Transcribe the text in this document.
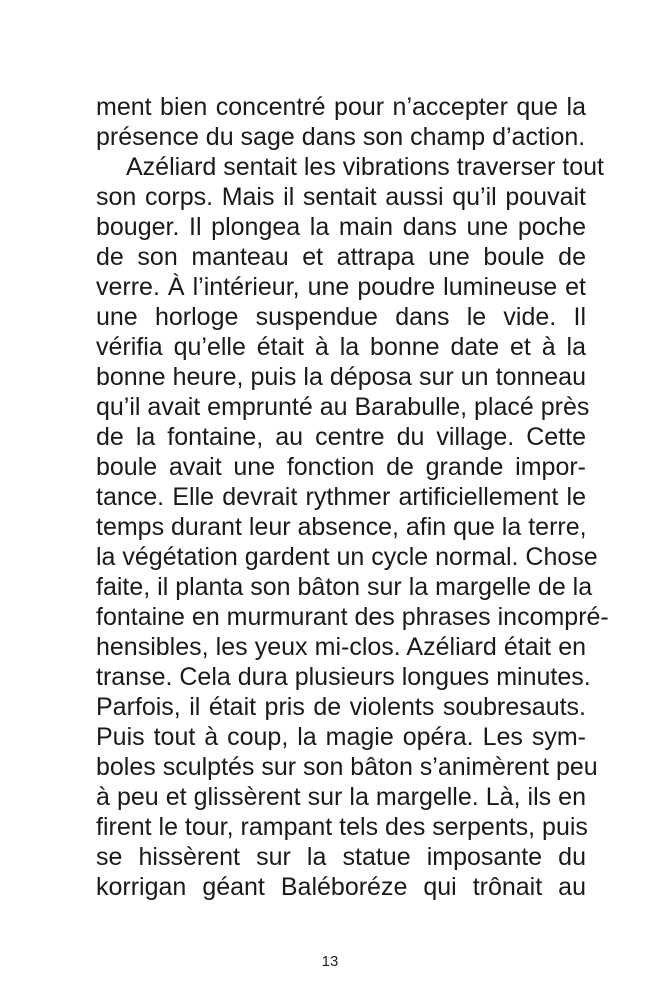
ment bien concentré pour n’accepter que la
présence du sage dans son champ d’action.
Azéliard sentait les vibrations traverser tout
son corps. Mais il sentait aussi qu’il pouvait
bouger. Il plongea la main dans une poche
de son manteau et attrapa une boule de
verre. À l’intérieur, une poudre lumineuse et
une horloge suspendue dans le vide. Il
vérifia qu’elle était à la bonne date et à la
bonne heure, puis la déposa sur un tonneau
qu’il avait emprunté au Barabulle, placé près
de la fontaine, au centre du village. Cette
boule avait une fonction de grande impor-
tance. Elle devrait rythmer artificiellement le
temps durant leur absence, afin que la terre,
la végétation gardent un cycle normal. Chose
faite, il planta son bâton sur la margelle de la
fontaine en murmurant des phrases incompré-
hensibles, les yeux mi-clos. Azéliard était en
transe. Cela dura plusieurs longues minutes.
Parfois, il était pris de violents soubresauts.
Puis tout à coup, la magie opéra. Les sym-
boles sculptés sur son bâton s’animèrent peu
à peu et glissèrent sur la margelle. Là, ils en
firent le tour, rampant tels des serpents, puis
se hissèrent sur la statue imposante du
korrigan géant Baléboréze qui trônait au
13
